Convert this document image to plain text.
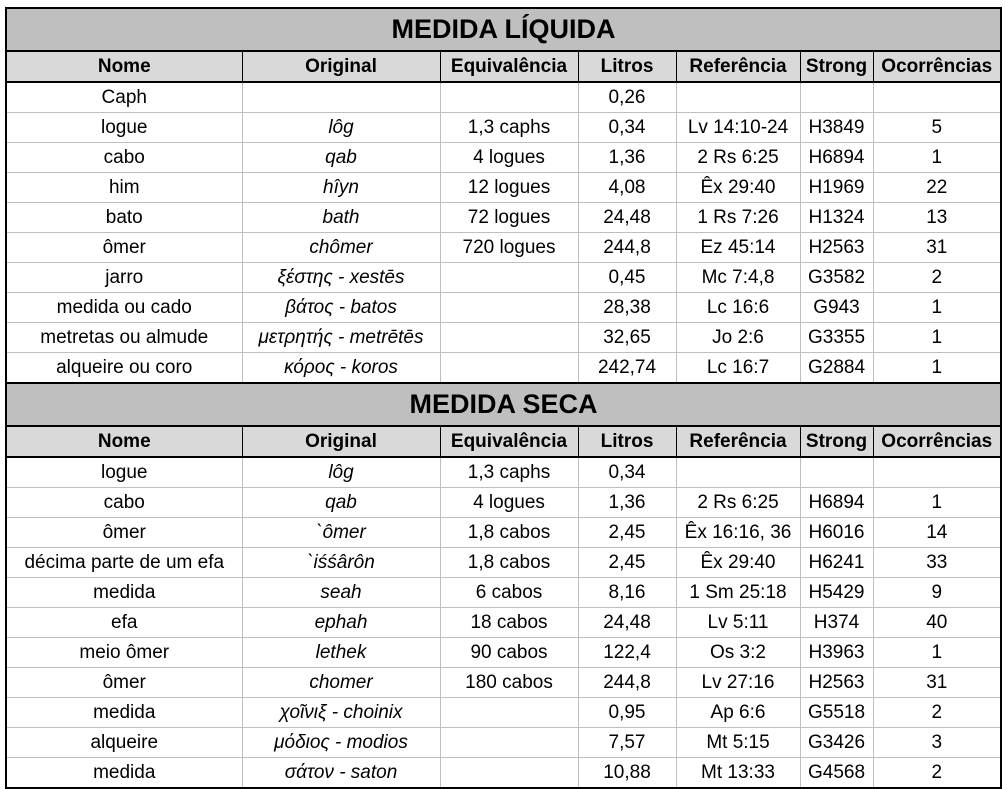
MEDIDA LÍQUIDA						
Nome	Original	Equivalência	Litros	Referência	Strong	Ocorrências
Caph			0,26			
logue	lôg	1,3 caphs	0,34	Lv 14:10-24	H3849	5
cabo	qab	4 logues	1,36	2 Rs 6:25	H6894	1
him	hîyn	12 logues	4,08	Êx 29:40	H1969	22
bato	bath	72 logues	24,48	1 Rs 7:26	H1324	13
ômer	chômer	720 logues	244,8	Ez 45:14	H2563	31
jarro	ξέστης - xestēs		0,45	Mc 7:4,8	G3582	2
medida ou cado	βάτος - batos		28,38	Lc 16:6	G943	1
metretas ou almude	μετρητής - metrētēs		32,65	Jo 2:6	G3355	1
alqueire ou coro	κόρος - koros		242,74	Lc 16:7	G2884	1
MEDIDA SECA						
Nome	Original	Equivalência	Litros	Referência	Strong	Ocorrências
logue	lôg	1,3 caphs	0,34			
cabo	qab	4 logues	1,36	2 Rs 6:25	H6894	1
ômer	`ômer	1,8 cabos	2,45	Êx 16:16, 36	H6016	14
décima parte de um efa	`iśśârôn	1,8 cabos	2,45	Êx 29:40	H6241	33
medida	seah	6 cabos	8,16	1 Sm 25:18	H5429	9
efa	ephah	18 cabos	24,48	Lv 5:11	H374	40
meio ômer	lethek	90 cabos	122,4	Os 3:2	H3963	1
ômer	chomer	180 cabos	244,8	Lv 27:16	H2563	31
medida	χοῖνιξ - choinix		0,95	Ap 6:6	G5518	2
alqueire	μόδιος - modios		7,57	Mt 5:15	G3426	3
medida	σάτον - saton		10,88	Mt 13:33	G4568	2
